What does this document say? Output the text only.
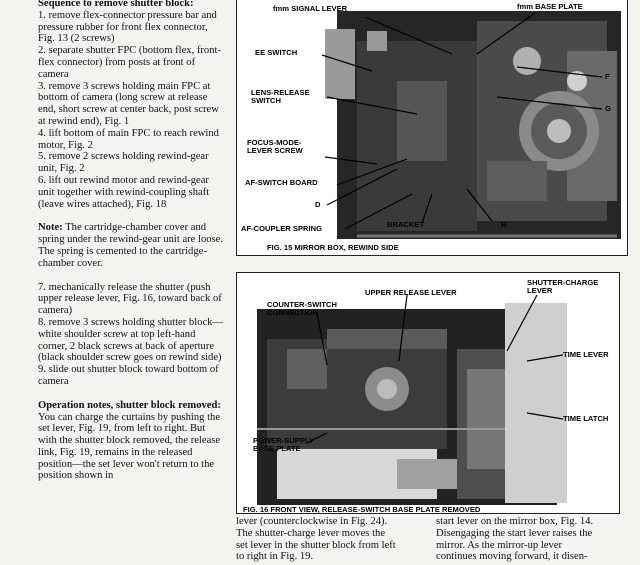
Sequence to remove shutter block:

1. remove flex-connector pressure bar and pressure rubber for front flex connector, Fig. 13 (2 screws)

2. separate shutter FPC (bottom flex, front-flex connector) from posts at front of camera

3. remove 3 screws holding main FPC at bottom of camera (long screw at release end, short screw at center back, post screw at rewind end), Fig. 1

4. lift bottom of main FPC to reach rewind motor, Fig. 2

5. remove 2 screws holding rewind-gear unit, Fig. 2

6. lift out rewind motor and rewind-gear unit together with rewind-coupling shaft (leave wires attached), Fig. 18

Note: The cartridge-chamber cover and spring under the rewind-gear unit are loose. The spring is cemented to the cartridge-chamber cover.

7. mechanically release the shutter (push upper release lever, Fig. 16, toward back of camera)

8. remove 3 screws holding shutter block—white shoulder screw at top left-hand corner, 2 black screws at back of aperture (black shoulder screw goes on rewind side)

9. slide out shutter block toward bottom of camera

Operation notes, shutter block removed: You can charge the curtains by pushing the set lever, Fig. 19, from left to right. But with the shutter block removed, the release link, Fig. 19, remains in the released position—the set lever won't return to the position shown in

fmm SIGNAL LEVER	fmm BASE PLATE
EE SWITCH
LENS-RELEASE
SWITCH
FOCUS-MODE-
LEVER SCREW
AF-SWITCH BOARD
D
AF-COUPLER SPRING	BRACKET	H
F
G
FIG. 15 MIRROR BOX, REWIND SIDE
COUNTER-SWITCH
CONNECTION
UPPER RELEASE LEVER
SHUTTER-CHARGE
LEVER
TIME LEVER
TIME LATCH
POWER-SUPPLY
BASE PLATE
FIG. 16 FRONT VIEW, RELEASE-SWITCH BASE PLATE REMOVED
lever (counterclockwise in Fig. 24).
The shutter-charge lever moves the
set lever in the shutter block from left
to right in Fig. 19.
start lever on the mirror box, Fig. 14.
Disengaging the start lever raises the
mirror. As the mirror-up lever
continues moving forward, it disen-
